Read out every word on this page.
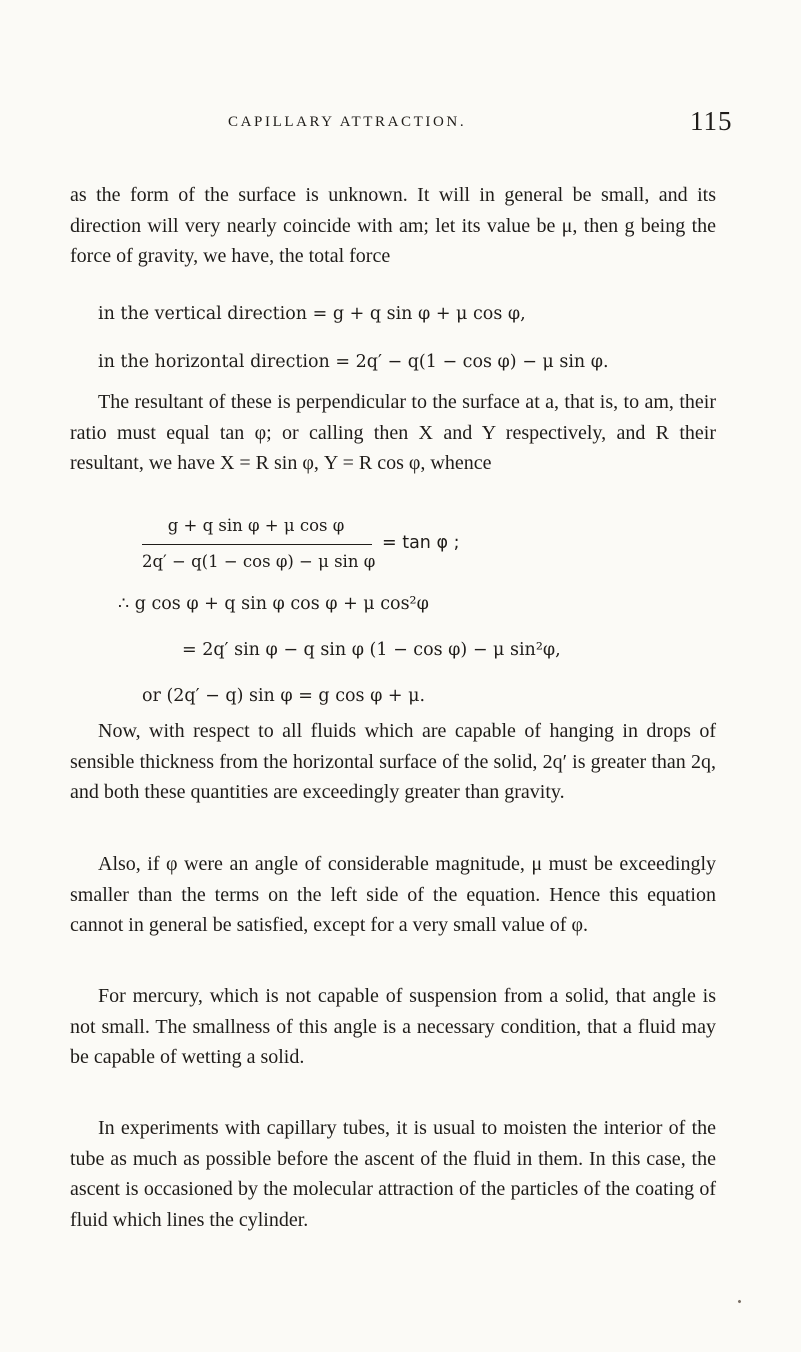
CAPILLARY ATTRACTION.	115

as the form of the surface is unknown. It will in general be small, and its direction will very nearly coincide with am; let its value be μ, then g being the force of gravity, we have, the total force

in the vertical direction = g + q sin φ + μ cos φ,
in the horizontal direction = 2q′ − q(1 − cos φ) − μ sin φ.

The resultant of these is perpendicular to the surface at a, that is, to am, their ratio must equal tan φ; or calling then X and Y respectively, and R their resultant, we have X = R sin φ, Y = R cos φ, whence

g + q sin φ + μ cos φ
2q′ − q(1 − cos φ) − μ sin φ
= tan φ ;
∴ g cos φ + q sin φ cos φ + μ cos²φ
= 2q′ sin φ − q sin φ (1 − cos φ) − μ sin²φ,
or (2q′ − q) sin φ = g cos φ + μ.

Now, with respect to all fluids which are capable of hanging in drops of sensible thickness from the horizontal surface of the solid, 2q′ is greater than 2q, and both these quantities are exceedingly greater than gravity.

Also, if φ were an angle of considerable magnitude, μ must be exceedingly smaller than the terms on the left side of the equation. Hence this equation cannot in general be satisfied, except for a very small value of φ.

For mercury, which is not capable of suspension from a solid, that angle is not small. The smallness of this angle is a necessary condition, that a fluid may be capable of wetting a solid.

In experiments with capillary tubes, it is usual to moisten the interior of the tube as much as possible before the ascent of the fluid in them. In this case, the ascent is occasioned by the molecular attraction of the particles of the coating of fluid which lines the cylinder.
